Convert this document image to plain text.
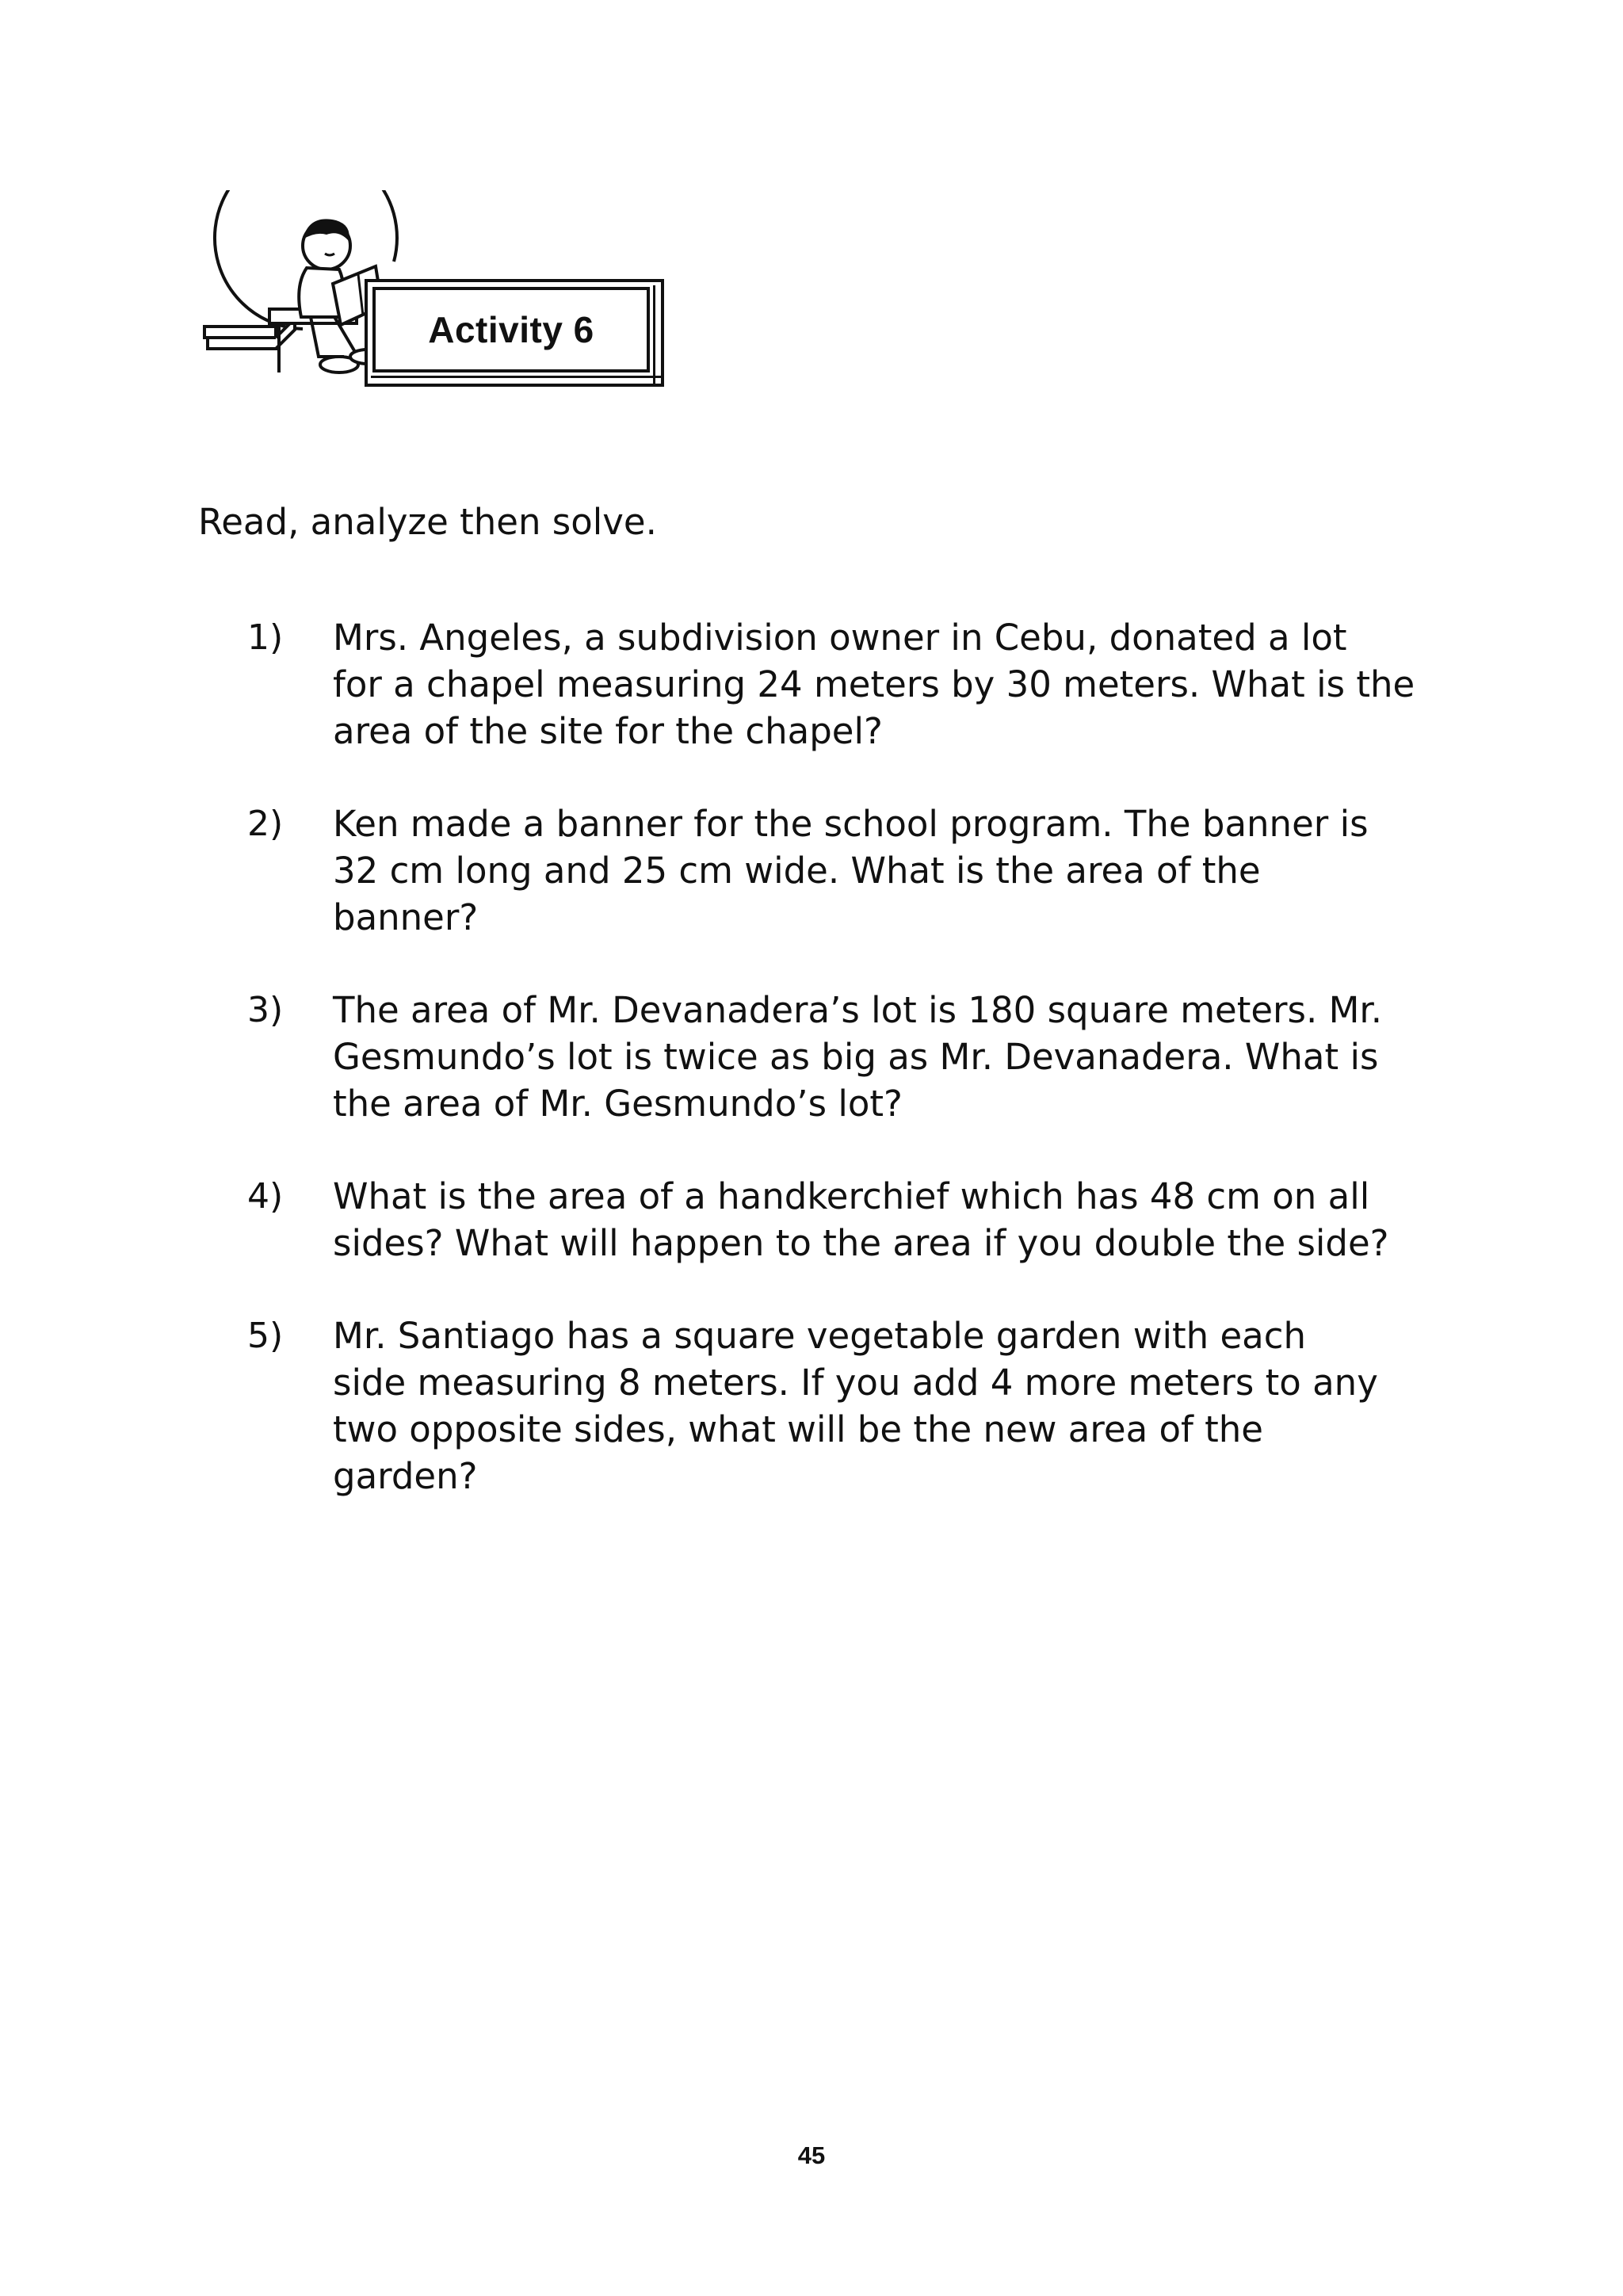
Activity 6
Read, analyze then solve.
1)	Mrs. Angeles, a subdivision owner in Cebu, donated a lot
for a chapel measuring 24 meters by 30 meters. What is the
area of the site for the chapel?
2)	Ken made a banner for the school program. The banner is
32 cm long and 25 cm wide. What is the area of the
banner?
3)	The area of Mr. Devanadera’s lot is 180 square meters. Mr.
Gesmundo’s lot is twice as big as Mr. Devanadera. What is
the area of Mr. Gesmundo’s lot?
4)	What is the area of a handkerchief which has 48 cm on all
sides? What will happen to the area if you double the side?
5)	Mr. Santiago has a square vegetable garden with each
side measuring 8 meters. If you add 4 more meters to any
two opposite sides, what will be the new area of the
garden?
45
